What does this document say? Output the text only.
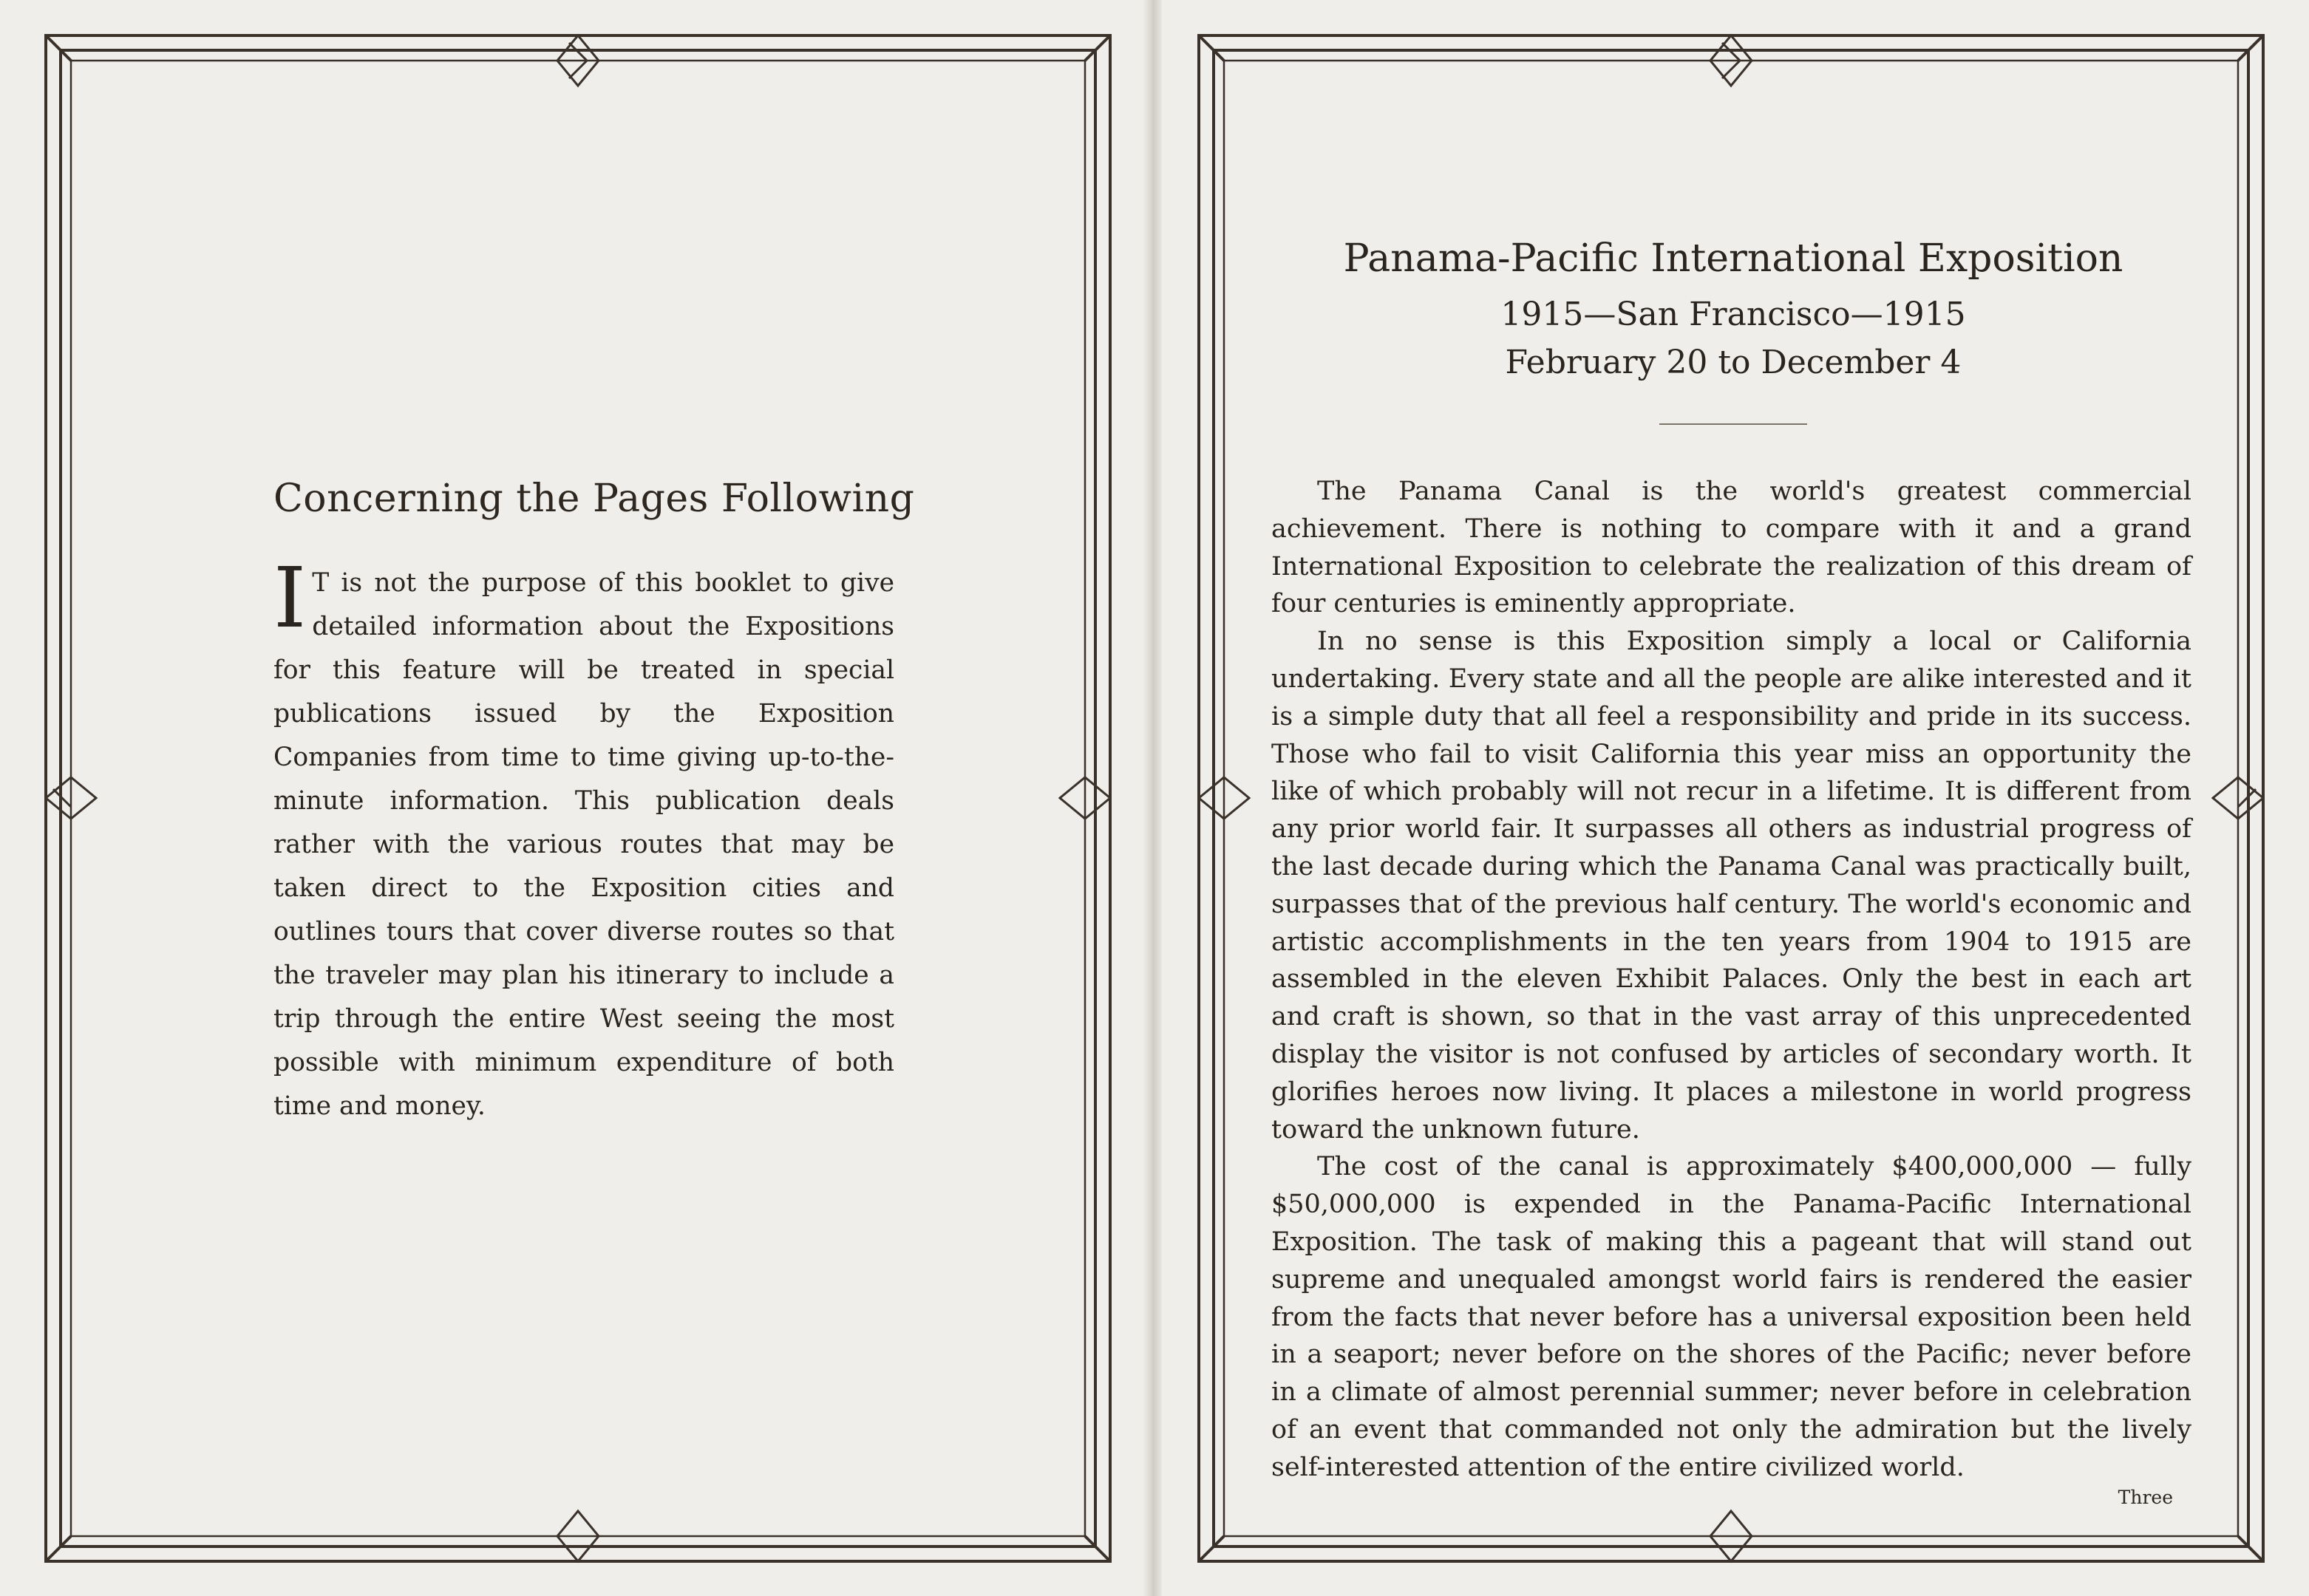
Concerning the Pages Following
I T is not the purpose of this booklet to give detailed information about the Expositions for this feature will be treated in special publications issued by the Exposition Companies from time to time giving up-to-the-minute information. This publication deals rather with the various routes that may be taken direct to the Exposition cities and outlines tours that cover diverse routes so that the traveler may plan his itinerary to include a trip through the entire West seeing the most possible with minimum expenditure of both time and money.
Panama-Pacific International Exposition
1915—San Francisco—1915
February 20 to December 4

The Panama Canal is the world's greatest commercial achievement. There is nothing to compare with it and a grand International Exposition to celebrate the realization of this dream of four centuries is eminently appropriate.

In no sense is this Exposition simply a local or California undertaking. Every state and all the people are alike interested and it is a simple duty that all feel a responsibility and pride in its success. Those who fail to visit California this year miss an opportunity the like of which probably will not recur in a lifetime. It is different from any prior world fair. It surpasses all others as industrial progress of the last decade during which the Panama Canal was practically built, surpasses that of the previous half century. The world's economic and artistic accomplishments in the ten years from 1904 to 1915 are assembled in the eleven Exhibit Palaces. Only the best in each art and craft is shown, so that in the vast array of this unprecedented display the visitor is not confused by articles of secondary worth. It glorifies heroes now living. It places a milestone in world progress toward the unknown future.

The cost of the canal is approximately $400,000,000 — fully $50,000,000 is expended in the Panama-Pacific International Exposition. The task of making this a pageant that will stand out supreme and unequaled amongst world fairs is rendered the easier from the facts that never before has a universal exposition been held in a seaport; never before on the shores of the Pacific; never before in a climate of almost perennial summer; never before in celebration of an event that commanded not only the admiration but the lively self-interested attention of the entire civilized world.

Three
